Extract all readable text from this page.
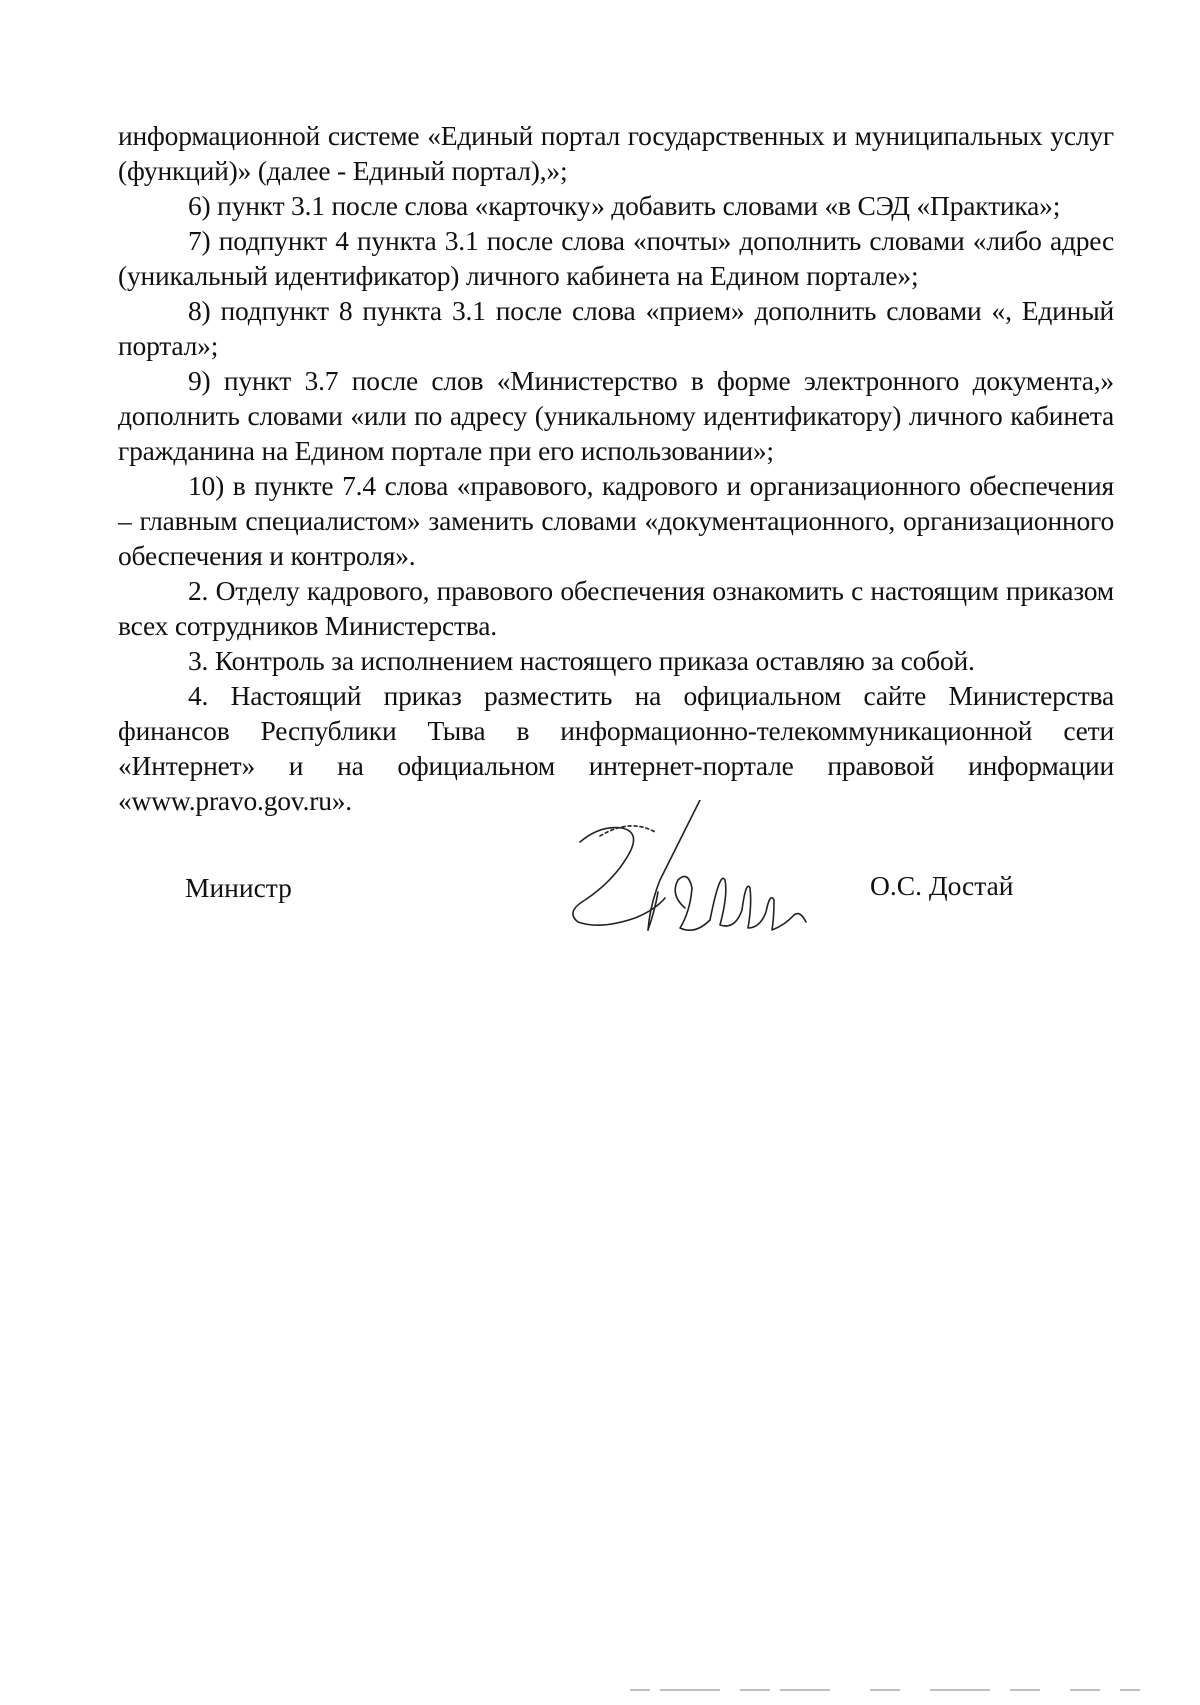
информационной системе «Единый портал государственных и муниципальных услуг (функций)» (далее - Единый портал),»;

6) пункт 3.1 после слова «карточку» добавить словами «в СЭД «Практика»;

7) подпункт 4 пункта 3.1 после слова «почты» дополнить словами «либо адрес (уникальный идентификатор) личного кабинета на Едином портале»;

8) подпункт 8 пункта 3.1 после слова «прием» дополнить словами «, Единый портал»;

9) пункт 3.7 после слов «Министерство в форме электронного документа,» дополнить словами «или по адресу (уникальному идентификатору) личного кабинета гражданина на Едином портале при его использовании»;

10) в пункте 7.4 слова «правового, кадрового и организационного обеспечения – главным специалистом» заменить словами «документационного, организационного обеспечения и контроля».

2. Отделу кадрового, правового обеспечения ознакомить с настоящим приказом всех сотрудников Министерства.

3. Контроль за исполнением настоящего приказа оставляю за собой.

4. Настоящий приказ разместить на официальном сайте Министерства финансов Республики Тыва в информационно-телекоммуникационной сети «Интернет» и на официальном интернет-портале правовой информации «www.pravo.gov.ru».

Министр	О.С. Достай
